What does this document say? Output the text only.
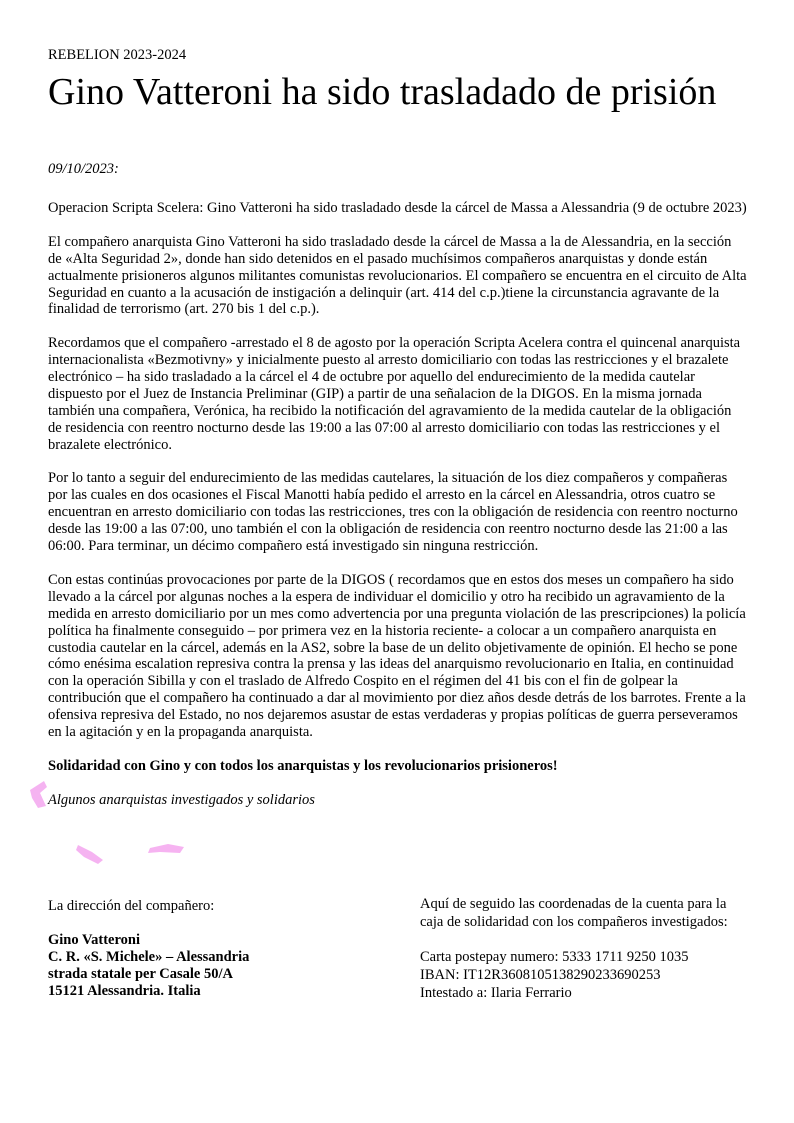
REBELION 2023-2024
Gino Vatteroni ha sido trasladado de prisión
09/10/2023:

Operacion Scripta Scelera: Gino Vatteroni ha sido trasladado desde la cárcel de Massa a Alessandria (9 de octubre 2023)

El compañero anarquista Gino Vatteroni ha sido trasladado desde la cárcel de Massa a la de Alessandria, en la sección de «Alta Seguridad 2», donde han sido detenidos en el pasado muchísimos compañeros anarquistas y donde están actualmente prisioneros algunos militantes comunistas revolucionarios. El compañero se encuentra en el circuito de Alta Seguridad en cuanto a la acusación de instigación a delinquir (art. 414 del c.p.)tiene la circunstancia agravante de la finalidad de terrorismo (art. 270 bis 1 del c.p.).

Recordamos que el compañero -arrestado el 8 de agosto por la operación Scripta Acelera contra el quincenal anarquista internacionalista «Bezmotivny» y inicialmente puesto al arresto domiciliario con todas las restricciones y el brazalete electrónico – ha sido trasladado a la cárcel el 4 de octubre por aquello del endurecimiento de la medida cautelar dispuesto por el Juez de Instancia Preliminar (GIP) a partir de una señalacion de la DIGOS. En la misma jornada también una compañera, Verónica, ha recibido la notificación del agravamiento de la medida cautelar de la obligación de residencia con reentro nocturno desde las 19:00 a las 07:00 al arresto domiciliario con todas las restricciones y el brazalete electrónico.

Por lo tanto a seguir del endurecimiento de las medidas cautelares, la situación de los diez compañeros y compañeras por las cuales en dos ocasiones el Fiscal Manotti había pedido el arresto en la cárcel en Alessandria, otros cuatro se encuentran en arresto domiciliario con todas las restricciones, tres con la obligación de residencia con reentro nocturno desde las 19:00 a las 07:00, uno también el con la obligación de residencia con reentro nocturno desde las 21:00 a las 06:00. Para terminar, un décimo compañero está investigado sin ninguna restricción.

Con estas continúas provocaciones por parte de la DIGOS ( recordamos que en estos dos meses un compañero ha sido llevado a la cárcel por algunas noches a la espera de individuar el domicilio y otro ha recibido un agravamiento de la medida en arresto domiciliario por un mes como advertencia por una pregunta violación de las prescripciones) la policía política ha finalmente conseguido – por primera vez en la historia reciente- a colocar a un compañero anarquista en custodia cautelar en la cárcel, además en la AS2, sobre la base de un delito objetivamente de opinión. El hecho se pone cómo enésima escalation represiva contra la prensa y las ideas del anarquismo revolucionario en Italia, en continuidad con la operación Sibilla y con el traslado de Alfredo Cospito en el régimen del 41 bis con el fin de golpear la contribución que el compañero ha continuado a dar al movimiento por diez años desde detrás de los barrotes. Frente a la ofensiva represiva del Estado, no nos dejaremos asustar de estas verdaderas y propias políticas de guerra perseveramos en la agitación y en la propaganda anarquista.

Solidaridad con Gino y con todos los anarquistas y los revolucionarios prisioneros!

Algunos anarquistas investigados y solidarios

La dirección del compañero:

Gino Vatteroni
C. R. «S. Michele» – Alessandria
strada statale per Casale 50/A
15121 Alessandria. Italia

Aquí de seguido las coordenadas de la cuenta para la caja de solidaridad con los compañeros investigados:

Carta postepay numero: 5333 1711 9250 1035
IBAN: IT12R3608105138290233690253
Intestado a: Ilaria Ferrario
